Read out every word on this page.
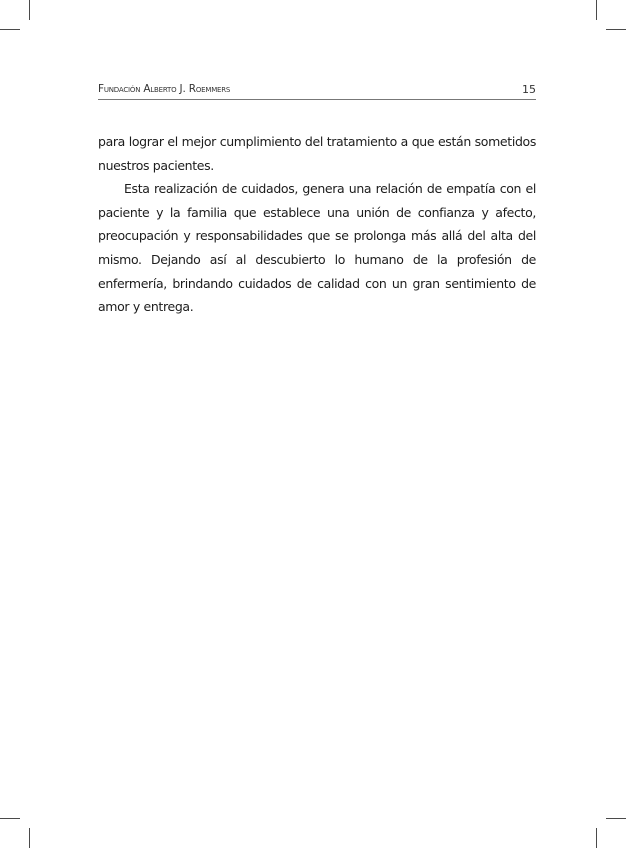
Fundación Alberto J. Roemmers	15

para lograr el mejor cumplimiento del tratamiento a que están sometidos nuestros pacientes.

Esta realización de cuidados, genera una relación de empatía con el paciente y la familia que establece una unión de confianza y afecto, preocupación y responsabilidades que se prolonga más allá del alta del mismo. Dejando así al descubierto lo humano de la profesión de enfermería, brindando cuidados de calidad con un gran sentimiento de amor y entrega.
